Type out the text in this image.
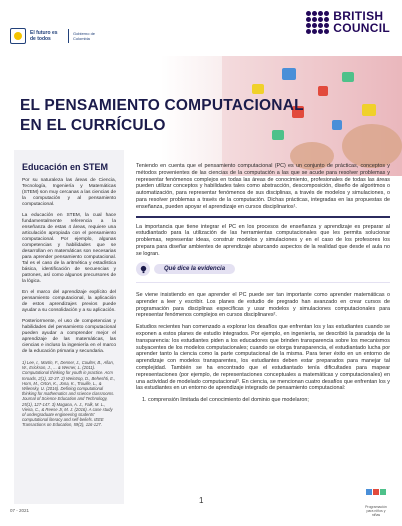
El futuro es de todos
Gobierno de Colombia
BRITISH
COUNCIL
EL PENSAMIENTO COMPUTACIONAL
EN EL CURRÍCULO
Educación en STEM

Por su naturaleza las áreas de Ciencia, Tecnología, Ingeniería y Matemáticas (STEM) son muy cercanas a las ciencias de la computación y al pensamiento computacional.

La educación en STEM, la cual hace fundamentalmente referencia a la enseñanza de estas 4 áreas, requiere una articulación apropiada con el pensamiento computacional. Por ejemplo, algunas competencias y habilidades que se desarrollan en matemáticas son necesarias para aprender pensamiento computacional. Tal es el caso de la aritmética y estadística básica, identificación de secuencias y patrones, así como algunos precursores de la lógica.

En el marco del aprendizaje explícito del pensamiento computacional, la aplicación de estos aprendizajes previos puede ayudar a su consolidación y a su aplicación.

Posteriormente, el uso de competencias y habilidades del pensamiento computacional pueden ayudar a comprender mejor el aprendizaje de las matemáticas, las ciencias e incluso la ingeniería en el marco de la educación primaria y secundaria.

1) Lee, I., Martin, F., Denner, J., Coulter, B., Allan, W., Erickson, J., ... & Werner, L. (2011). Computational thinking for youth in practice. Acm Inroads, 2(1), 32-37. 2) Weintrop, D., Beheshti, E., Horn, M., Orton, K., Jona, K., Trouille, L., & Wilensky, U. (2016). Defining computational thinking for mathematics and science classrooms. Journal of Science Education and Technology, 25(1), 127-147. 3) Magana, A. J., Falk, M. L., Vieira, C., & Reese Jr, M. J. (2016). A case study of undergraduate engineering students' computational literacy and self-beliefs. IEEE Transactions on Education, 59(2), 116-127.

Teniendo en cuenta que el pensamiento computacional (PC) es un conjunto de prácticas, conceptos y métodos provenientes de las ciencias de la computación a las que se acude para resolver problemas y representar fenómenos complejos en todas las áreas de conocimiento, profesionales de todas las áreas pueden utilizar conceptos y habilidades tales como abstracción, descomposición, diseño de algoritmos o automatización, para representar fenómenos de sus disciplinas, a través de modelos y simulaciones, o para resolver problemas a través de la computación. Dichas prácticas, integradas en las propuestas de enseñanza, pueden apoyar el aprendizaje en cursos disciplinarios¹.

La importancia que tiene integrar el PC en los procesos de enseñanza y aprendizaje es preparar al estudiantado para la utilización de las herramientas computacionales que les permita solucionar problemas, representar ideas, construir modelos y simulaciones y en el caso de los profesores los prepara para diseñar ambientes de aprendizaje abarcando aspectos de la realidad que desde el aula no se logran.

Qué dice la evidencia

Se viene insistiendo en que aprender el PC puede ser tan importante como aprender matemáticas o aprender a leer y escribir. Los planes de estudio de pregrado han avanzado en crear cursos de programación para disciplinas específicas y usar modelos y simulaciones computacionales para representar fenómenos complejos en cursos disciplinares².

Estudios recientes han comenzado a explorar los desafíos que enfrentan los y las estudiantes cuando se exponen a estos planes de estudio integrados. Por ejemplo, en ingeniería, se describió la paradoja de la transparencia: los estudiantes piden a los educadores que brinden transparencia sobre los mecanismos subyacentes de los modelos computacionales; cuando se otorga transparencia, el estudiantado lucha por aprender tanto la ciencia como la parte computacional de la misma. Para tener éxito en un entorno de aprendizaje con modelos transparentes, los estudiantes deben estar preparados para manejar tal complejidad. También se ha encontrado que el estudiantado tenía dificultades para mapear representaciones (por ejemplo, de representaciones conceptuales a matemáticas y computacionales) en una actividad de modelado computacional³. En ciencia, se mencionan cuatro desafíos que enfrentan los y las estudiantes en un entorno de aprendizaje integrado de pensamiento computacional:

1. comprensión limitada del conocimiento del dominio que modelaron;
07 - 2021
1
Programación para niños y niñas
